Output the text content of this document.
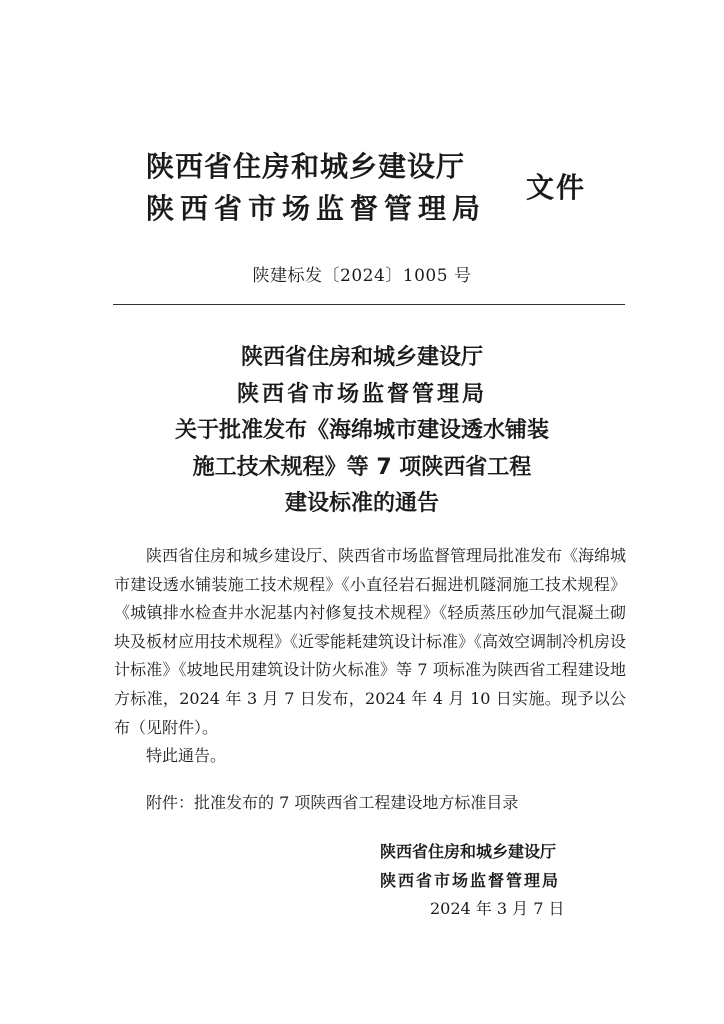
陕西省住房和城乡建设厅
陕西省市场监督管理局
文件
陕建标发〔2024〕1005 号
陕西省住房和城乡建设厅
陕西省市场监督管理局
关于批准发布《海绵城市建设透水铺装
施工技术规程》等 7 项陕西省工程
建设标准的通告

陕西省住房和城乡建设厅、陕西省市场监督管理局批准发布《海绵城市建设透水铺装施工技术规程》《小直径岩石掘进机隧洞施工技术规程》《城镇排水检查井水泥基内衬修复技术规程》《轻质蒸压砂加气混凝土砌块及板材应用技术规程》《近零能耗建筑设计标准》《高效空调制冷机房设计标准》《坡地民用建筑设计防火标准》等 7 项标准为陕西省工程建设地方标准，2024 年 3 月 7 日发布，2024 年 4 月 10 日实施。现予以公布（见附件）。

特此通告。

附件：批准发布的 7 项陕西省工程建设地方标准目录
陕西省住房和城乡建设厅
陕西省市场监督管理局
2024 年 3 月 7 日
